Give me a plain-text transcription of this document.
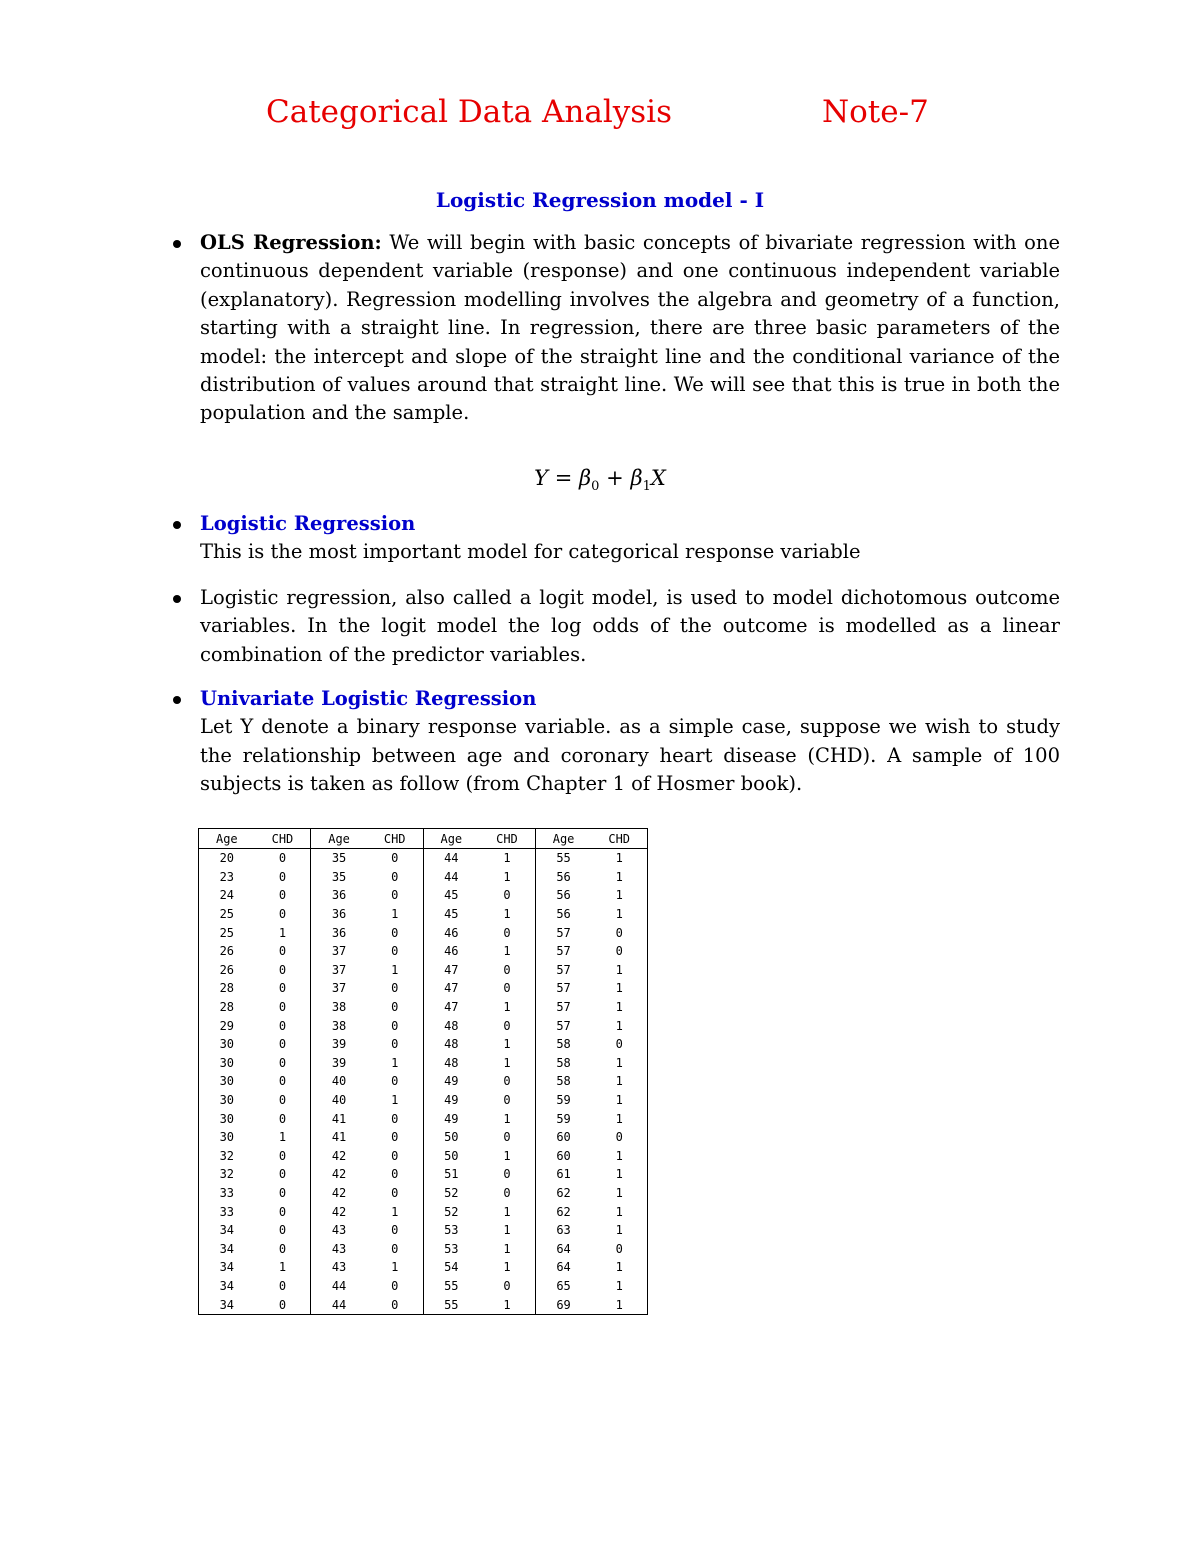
Categorical Data Analysis	Note-7
Logistic Regression model - I
OLS Regression: We will begin with basic concepts of bivariate regression with one continuous dependent variable (response) and one continuous independent variable (explanatory). Regression modelling involves the algebra and geometry of a function, starting with a straight line. In regression, there are three basic parameters of the model: the intercept and slope of the straight line and the conditional variance of the distribution of values around that straight line. We will see that this is true in both the population and the sample.
$Y = \beta_0 + \beta_1X$
Logistic Regression
This is the most important model for categorical response variable
Logistic regression, also called a logit model, is used to model dichotomous outcome variables. In the logit model the log odds of the outcome is modelled as a linear combination of the predictor variables.
Univariate Logistic Regression
Let Y denote a binary response variable. as a simple case, suppose we wish to study the relationship between age and coronary heart disease (CHD). A sample of 100 subjects is taken as follow (from Chapter 1 of Hosmer book).
Age	CHD	Age	CHD	Age	CHD	Age	CHD
20	0	35	0	44	1	55	1
23	0	35	0	44	1	56	1
24	0	36	0	45	0	56	1
25	0	36	1	45	1	56	1
25	1	36	0	46	0	57	0
26	0	37	0	46	1	57	0
26	0	37	1	47	0	57	1
28	0	37	0	47	0	57	1
28	0	38	0	47	1	57	1
29	0	38	0	48	0	57	1
30	0	39	0	48	1	58	0
30	0	39	1	48	1	58	1
30	0	40	0	49	0	58	1
30	0	40	1	49	0	59	1
30	0	41	0	49	1	59	1
30	1	41	0	50	0	60	0
32	0	42	0	50	1	60	1
32	0	42	0	51	0	61	1
33	0	42	0	52	0	62	1
33	0	42	1	52	1	62	1
34	0	43	0	53	1	63	1
34	0	43	0	53	1	64	0
34	1	43	1	54	1	64	1
34	0	44	0	55	0	65	1
34	0	44	0	55	1	69	1
